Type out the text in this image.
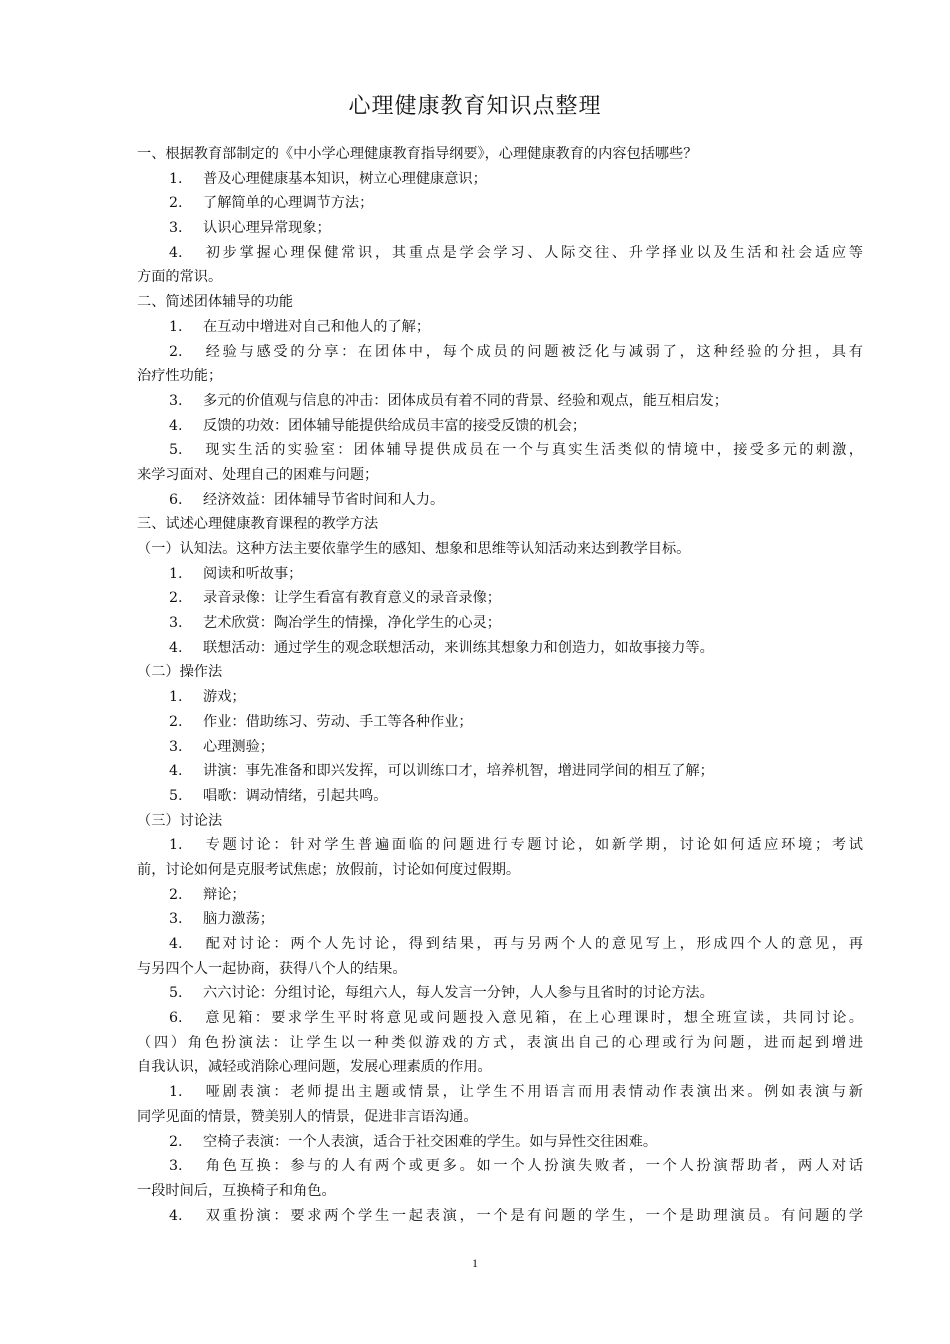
心理健康教育知识点整理
一、根据教育部制定的《中小学心理健康教育指导纲要》，心理健康教育的内容包括哪些？
1. 普及心理健康基本知识，树立心理健康意识；
2. 了解简单的心理调节方法；
3. 认识心理异常现象；
4. 初步掌握心理保健常识，其重点是学会学习、人际交往、升学择业以及生活和社会适应等
方面的常识。
二、简述团体辅导的功能
1. 在互动中增进对自己和他人的了解；
2. 经验与感受的分享：在团体中，每个成员的问题被泛化与减弱了，这种经验的分担，具有
治疗性功能；
3. 多元的价值观与信息的冲击：团体成员有着不同的背景、经验和观点，能互相启发；
4. 反馈的功效：团体辅导能提供给成员丰富的接受反馈的机会；
5. 现实生活的实验室：团体辅导提供成员在一个与真实生活类似的情境中，接受多元的刺激，
来学习面对、处理自己的困难与问题；
6. 经济效益：团体辅导节省时间和人力。
三、试述心理健康教育课程的教学方法
（一）认知法。这种方法主要依靠学生的感知、想象和思维等认知活动来达到教学目标。
1. 阅读和听故事；
2. 录音录像：让学生看富有教育意义的录音录像；
3. 艺术欣赏：陶冶学生的情操，净化学生的心灵；
4. 联想活动：通过学生的观念联想活动，来训练其想象力和创造力，如故事接力等。
（二）操作法
1. 游戏；
2. 作业：借助练习、劳动、手工等各种作业；
3. 心理测验；
4. 讲演：事先准备和即兴发挥，可以训练口才，培养机智，增进同学间的相互了解；
5. 唱歌：调动情绪，引起共鸣。
（三）讨论法
1. 专题讨论：针对学生普遍面临的问题进行专题讨论，如新学期，讨论如何适应环境；考试
前，讨论如何是克服考试焦虑；放假前，讨论如何度过假期。
2. 辩论；
3. 脑力激荡；
4. 配对讨论：两个人先讨论，得到结果，再与另两个人的意见写上，形成四个人的意见，再
与另四个人一起协商，获得八个人的结果。
5. 六六讨论：分组讨论，每组六人，每人发言一分钟，人人参与且省时的讨论方法。
6. 意见箱：要求学生平时将意见或问题投入意见箱，在上心理课时，想全班宣读，共同讨论。
（四）角色扮演法：让学生以一种类似游戏的方式，表演出自己的心理或行为问题，进而起到增进
自我认识，减轻或消除心理问题，发展心理素质的作用。
1. 哑剧表演：老师提出主题或情景，让学生不用语言而用表情动作表演出来。例如表演与新
同学见面的情景，赞美别人的情景，促进非言语沟通。
2. 空椅子表演：一个人表演，适合于社交困难的学生。如与异性交往困难。
3. 角色互换：参与的人有两个或更多。如一个人扮演失败者，一个人扮演帮助者，两人对话
一段时间后，互换椅子和角色。
4. 双重扮演：要求两个学生一起表演，一个是有问题的学生，一个是助理演员。有问题的学
1
